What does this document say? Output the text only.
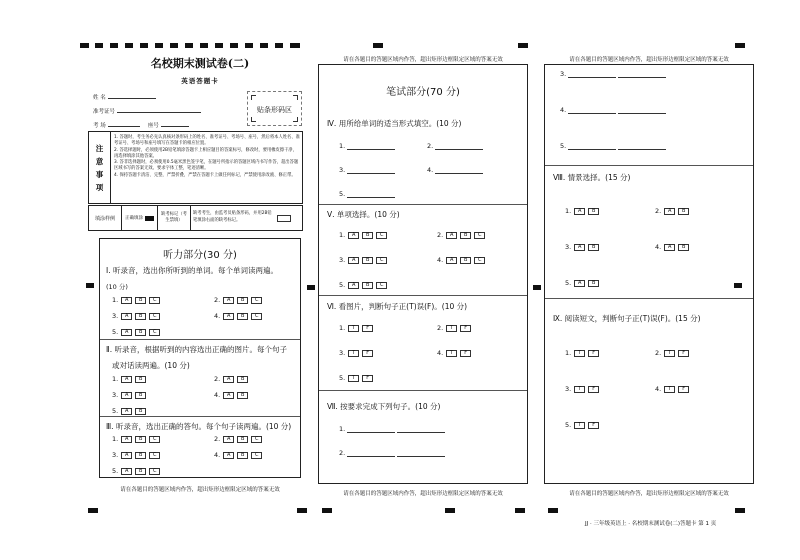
名校期末测试卷(二)
英语答题卡
姓 名
准考证号
考 场	座号
贴条形码区
注
意
事
项
1. 答题时，考生务必先认真核对条形码上的姓名、准考证号、考场号、座号，然后将本人姓名、准考证号、考场号和座号填写在答题卡的相应位置。
2. 答选择题时，必须使用2B铅笔填涂答题卡上相应题目的答案标号，修改时，要用橡皮擦干净，再选择填涂其他答案。
3. 答非选择题时，必须使用0.5毫米黑色签字笔，在题号所指示的答题区域内书写作答，超出答题区域书写的答案无效。要求字体工整，笔迹清晰。
4. 保持答题卡清洁、完整，严禁折叠，严禁在答题卡上做任何标记，严禁使用涂改液、修正带。
填涂样例 正确填涂
缺考标记（考生禁填）
缺考考生，由监考员贴条形码，并用2B铅笔填涂右面的缺考标记。
听力部分(30 分)
Ⅰ. 听录音，选出你所听到的单词。每个单词读两遍。
(10 分)
1. A B C	2. A B C
3. A B C	4. A B C
5. A B C
Ⅱ. 听录音，根据听到的内容选出正确的图片。每个句子
或对话读两遍。(10 分)
1. A B	2. A B
3. A B	4. A B
5. A B
Ⅲ. 听录音，选出正确的答句。每个句子读两遍。(10 分)
1. A B C	2. A B C
3. A B C	4. A B C
5. A B C
请在各题目的答题区域内作答，超出矩形边框限定区域的答案无效
请在各题目的答题区域内作答，超出矩形边框限定区域的答案无效
笔试部分(70 分)
Ⅳ. 用所给单词的适当形式填空。(10 分)
1.	2.
3.	4.
5.
Ⅴ. 单项选择。(10 分)
1. A B C	2. A B C
3. A B C	4. A B C
5. A B C
Ⅵ. 看图片，判断句子正(T)误(F)。(10 分)
1. T F	2. T F
3. T F	4. T F
5. T F
Ⅶ. 按要求完成下列句子。(10 分)
1.
2.
请在各题目的答题区域内作答，超出矩形边框限定区域的答案无效
请在各题目的答题区域内作答，超出矩形边框限定区域的答案无效
3.
4.
5.
Ⅷ. 情景选择。(15 分)
1. A B	2. A B
3. A B	4. A B
5. A B
Ⅸ. 阅读短文，判断句子正(T)误(F)。(15 分)
1. T F	2. T F
3. T F	4. T F
5. T F
请在各题目的答题区域内作答，超出矩形边框限定区域的答案无效
JJ · 三年级英语上 · 名校期末测试卷(二)答题卡 第 1 页
